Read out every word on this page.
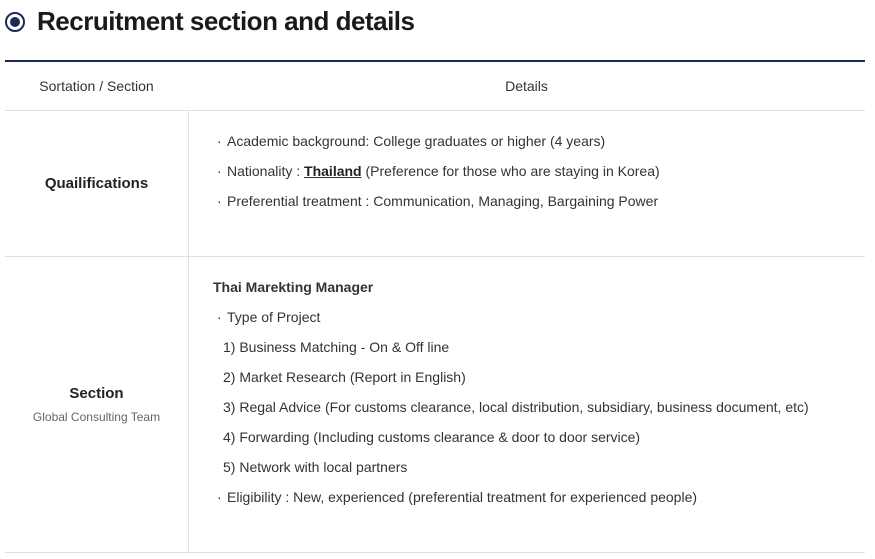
Recruitment section and details
Sortation / Section	Details
Quailifications
· Academic background: College graduates or higher (4 years)
· Nationality : Thailand (Preference for those who are staying in Korea)
· Preferential treatment : Communication, Managing, Bargaining Power
Section
Global Consulting Team
Thai Marekting Manager
· Type of Project
1) Business Matching - On & Off line
2) Market Research (Report in English)
3) Regal Advice (For customs clearance, local distribution, subsidiary, business document, etc)
4) Forwarding (Including customs clearance & door to door service)
5) Network with local partners
· Eligibility : New, experienced (preferential treatment for experienced people)
